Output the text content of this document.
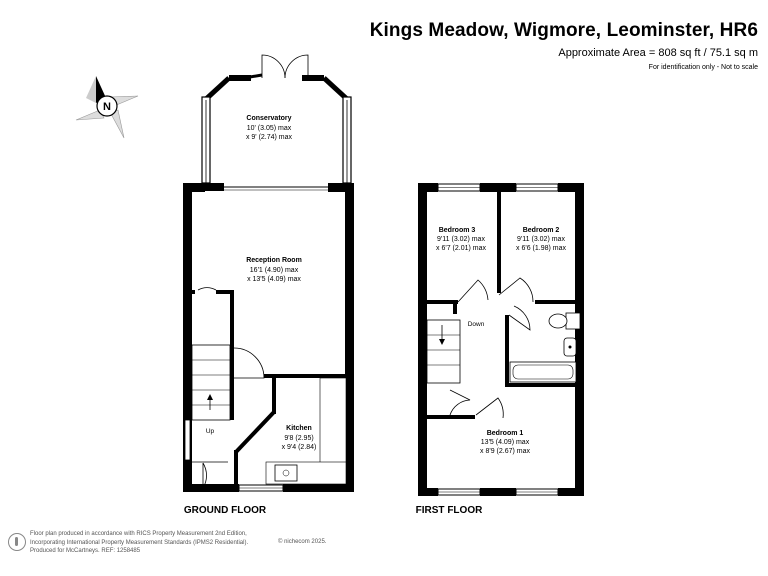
Kings Meadow, Wigmore, Leominster, HR6
Approximate Area = 808 sq ft / 75.1 sq m
For identification only - Not to scale
N
Conservatory
10' (3.05) max
x 9' (2.74) max
Reception Room
16'1 (4.90) max
x 13'5 (4.09) max
Kitchen
9'8 (2.95)
x 9'4 (2.84)
Up
GROUND FLOOR
Bedroom 3
9'11 (3.02) max
x 6'7 (2.01) max
Bedroom 2
9'11 (3.02) max
x 6'6 (1.98) max
Bedroom 1
13'5 (4.09) max
x 8'9 (2.67) max
Down
FIRST FLOOR
Floor plan produced in accordance with RICS Property Measurement 2nd Edition,
Incorporating International Property Measurement Standards (IPMS2 Residential).
Produced for McCartneys. REF: 1258485
© nichecom 2025.
